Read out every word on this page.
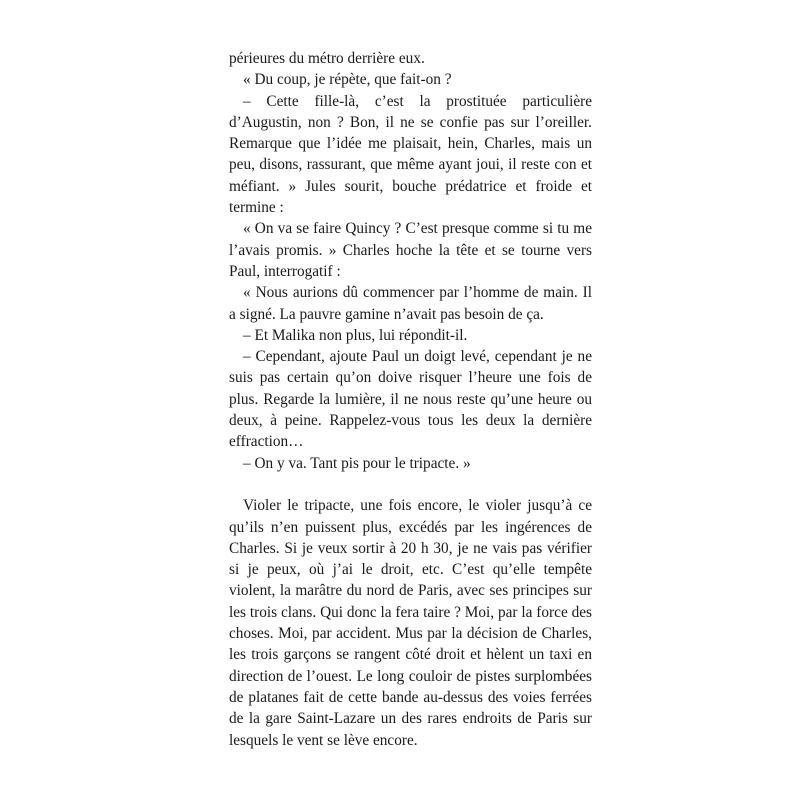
périeures du métro derrière eux.

« Du coup, je répète, que fait-on ?

– Cette fille-là, c’est la prostituée particulière d’Augustin, non ? Bon, il ne se confie pas sur l’oreiller. Remarque que l’idée me plaisait, hein, Charles, mais un peu, disons, rassurant, que même ayant joui, il reste con et méfiant. » Jules sourit, bouche prédatrice et froide et termine :

« On va se faire Quincy ? C’est presque comme si tu me l’avais promis. » Charles hoche la tête et se tourne vers Paul, interrogatif :

« Nous aurions dû commencer par l’homme de main. Il a signé. La pauvre gamine n’avait pas besoin de ça.

– Et Malika non plus, lui répondit-il.

– Cependant, ajoute Paul un doigt levé, cependant je ne suis pas certain qu’on doive risquer l’heure une fois de plus. Regarde la lumière, il ne nous reste qu’une heure ou deux, à peine. Rappelez-vous tous les deux la dernière effraction…

– On y va. Tant pis pour le tripacte. »

Violer le tripacte, une fois encore, le violer jusqu’à ce qu’ils n’en puissent plus, excédés par les ingérences de Charles. Si je veux sortir à 20 h 30, je ne vais pas vérifier si je peux, où j’ai le droit, etc. C’est qu’elle tempête violent, la marâtre du nord de Paris, avec ses principes sur les trois clans. Qui donc la fera taire ? Moi, par la force des choses. Moi, par accident. Mus par la décision de Charles, les trois garçons se rangent côté droit et hèlent un taxi en direction de l’ouest. Le long couloir de pistes surplombées de platanes fait de cette bande au-dessus des voies ferrées de la gare Saint-Lazare un des rares endroits de Paris sur lesquels le vent se lève encore.
